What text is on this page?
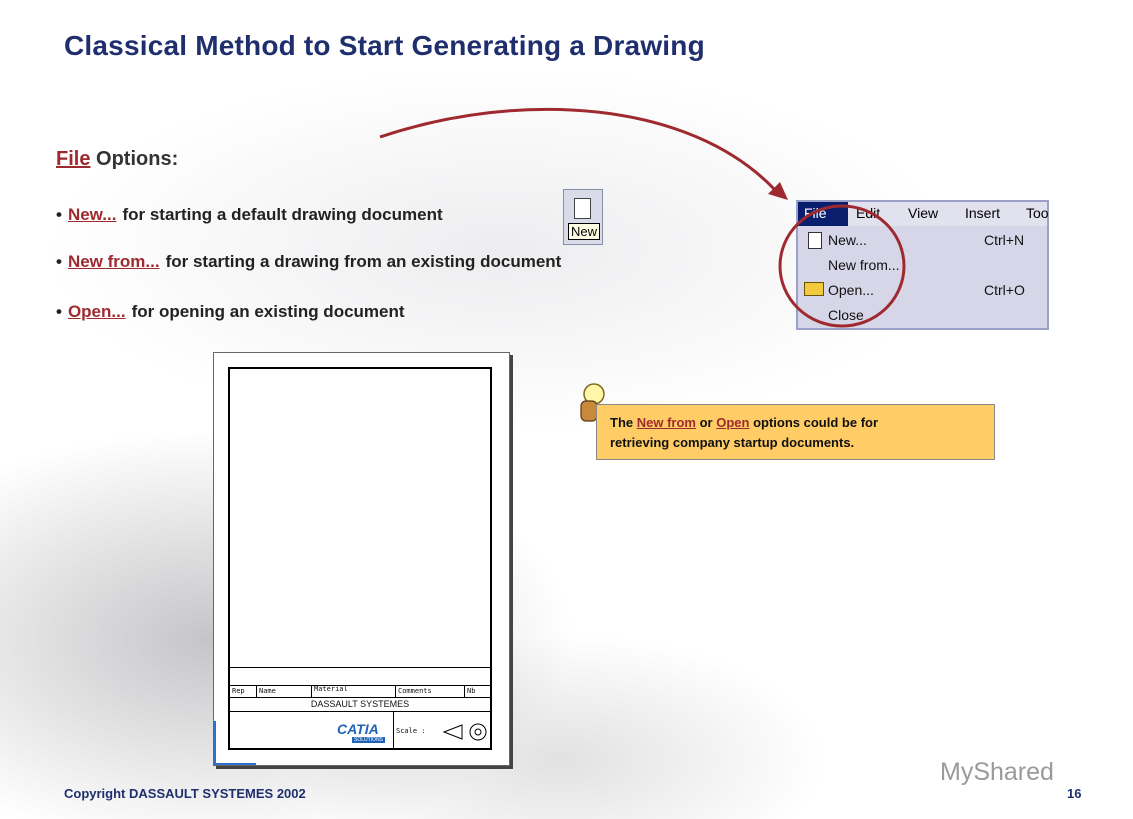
Classical Method to Start Generating a Drawing
File Options:
• New... for starting a default drawing document
• New from... for starting a drawing from an existing document
• Open... for opening an existing document
New
File	Edit View Insert Too
New...	Ctrl+N
New from...
Open...	Ctrl+O
Close
The New from or Open options could be for
retrieving company startup documents.
Rep Name	Material	Comments	Nb
DASSAULT SYSTEMES
Scale :
CATIA
SOLUTIONS
Copyright DASSAULT SYSTEMES 2002	16
MyShared
